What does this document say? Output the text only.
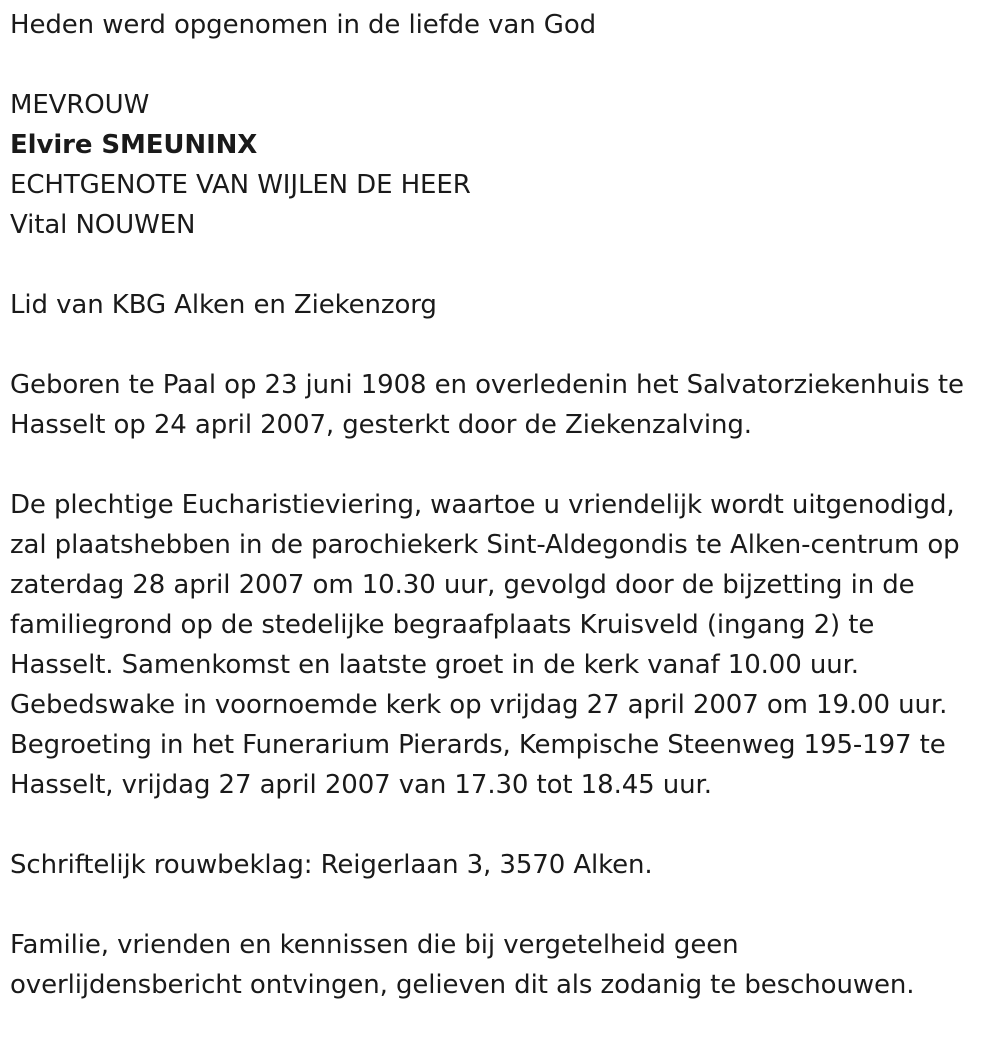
Heden werd opgenomen in de liefde van God
MEVROUW
Elvire SMEUNINX
ECHTGENOTE VAN WIJLEN DE HEER
Vital NOUWEN
Lid van KBG Alken en Ziekenzorg
Geboren te Paal op 23 juni 1908 en overledenin het Salvatorziekenhuis te
Hasselt op 24 april 2007, gesterkt door de Ziekenzalving.
De plechtige Eucharistieviering, waartoe u vriendelijk wordt uitgenodigd,
zal plaatshebben in de parochiekerk Sint-Aldegondis te Alken-centrum op
zaterdag 28 april 2007 om 10.30 uur, gevolgd door de bijzetting in de
familiegrond op de stedelijke begraafplaats Kruisveld (ingang 2) te
Hasselt. Samenkomst en laatste groet in de kerk vanaf 10.00 uur.
Gebedswake in voornoemde kerk op vrijdag 27 april 2007 om 19.00 uur.
Begroeting in het Funerarium Pierards, Kempische Steenweg 195-197 te
Hasselt, vrijdag 27 april 2007 van 17.30 tot 18.45 uur.
Schriftelijk rouwbeklag: Reigerlaan 3, 3570 Alken.
Familie, vrienden en kennissen die bij vergetelheid geen
overlijdensbericht ontvingen, gelieven dit als zodanig te beschouwen.
